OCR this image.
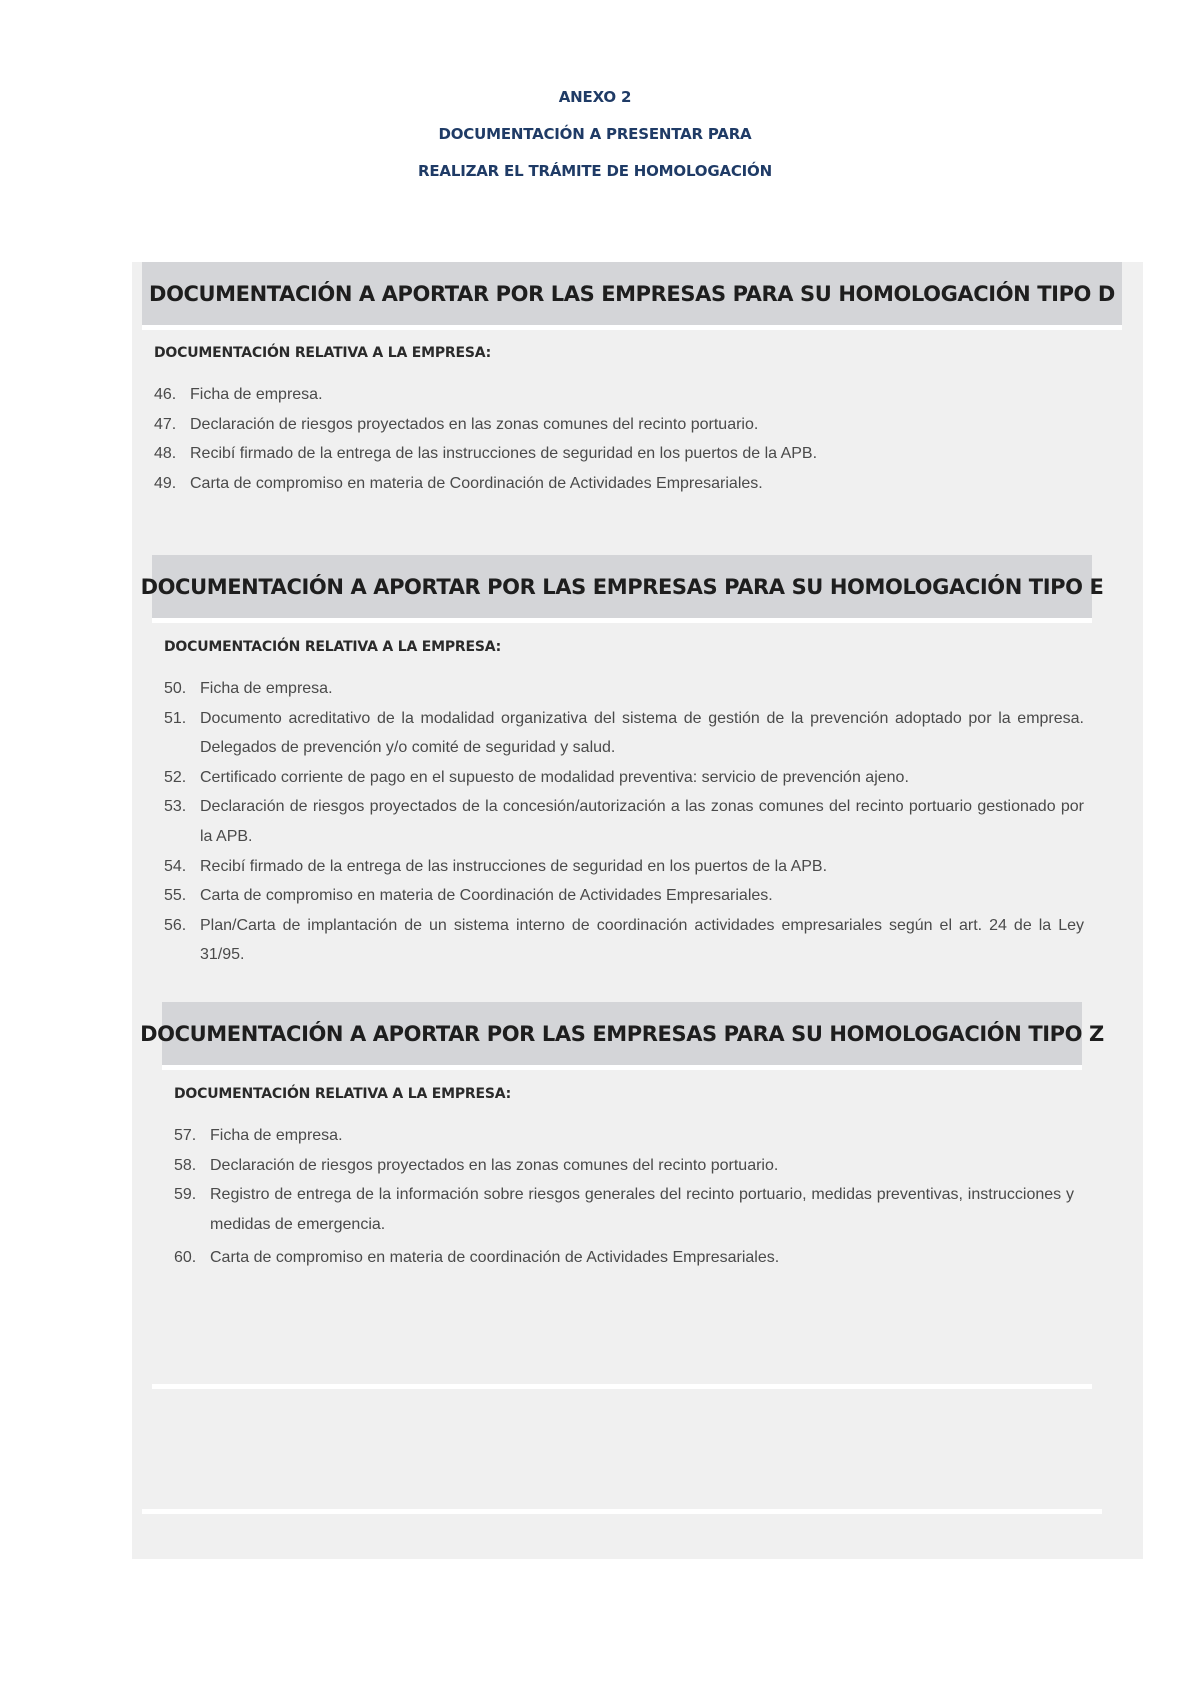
ANEXO 2
DOCUMENTACIÓN A PRESENTAR PARA
REALIZAR EL TRÁMITE DE HOMOLOGACIÓN
DOCUMENTACIÓN A APORTAR POR LAS EMPRESAS PARA SU HOMOLOGACIÓN TIPO D
DOCUMENTACIÓN RELATIVA A LA EMPRESA:
46. Ficha de empresa.
47. Declaración de riesgos proyectados en las zonas comunes del recinto portuario.
48. Recibí firmado de la entrega de las instrucciones de seguridad en los puertos de la APB.
49. Carta de compromiso en materia de Coordinación de Actividades Empresariales.
DOCUMENTACIÓN A APORTAR POR LAS EMPRESAS PARA SU HOMOLOGACIÓN TIPO E
DOCUMENTACIÓN RELATIVA A LA EMPRESA:
50. Ficha de empresa.
51. Documento acreditativo de la modalidad organizativa del sistema de gestión de la prevención adoptado por la empresa. Delegados de prevención y/o comité de seguridad y salud.
52. Certificado corriente de pago en el supuesto de modalidad preventiva: servicio de prevención ajeno.
53. Declaración de riesgos proyectados de la concesión/autorización a las zonas comunes del recinto portuario gestionado por la APB.
54. Recibí firmado de la entrega de las instrucciones de seguridad en los puertos de la APB.
55. Carta de compromiso en materia de Coordinación de Actividades Empresariales.
56. Plan/Carta de implantación de un sistema interno de coordinación actividades empresariales según el art. 24 de la Ley 31/95.
DOCUMENTACIÓN A APORTAR POR LAS EMPRESAS PARA SU HOMOLOGACIÓN TIPO Z
DOCUMENTACIÓN RELATIVA A LA EMPRESA:
57. Ficha de empresa.
58. Declaración de riesgos proyectados en las zonas comunes del recinto portuario.
59. Registro de entrega de la información sobre riesgos generales del recinto portuario, medidas preventivas, instrucciones y medidas de emergencia.
60. Carta de compromiso en materia de coordinación de Actividades Empresariales.
